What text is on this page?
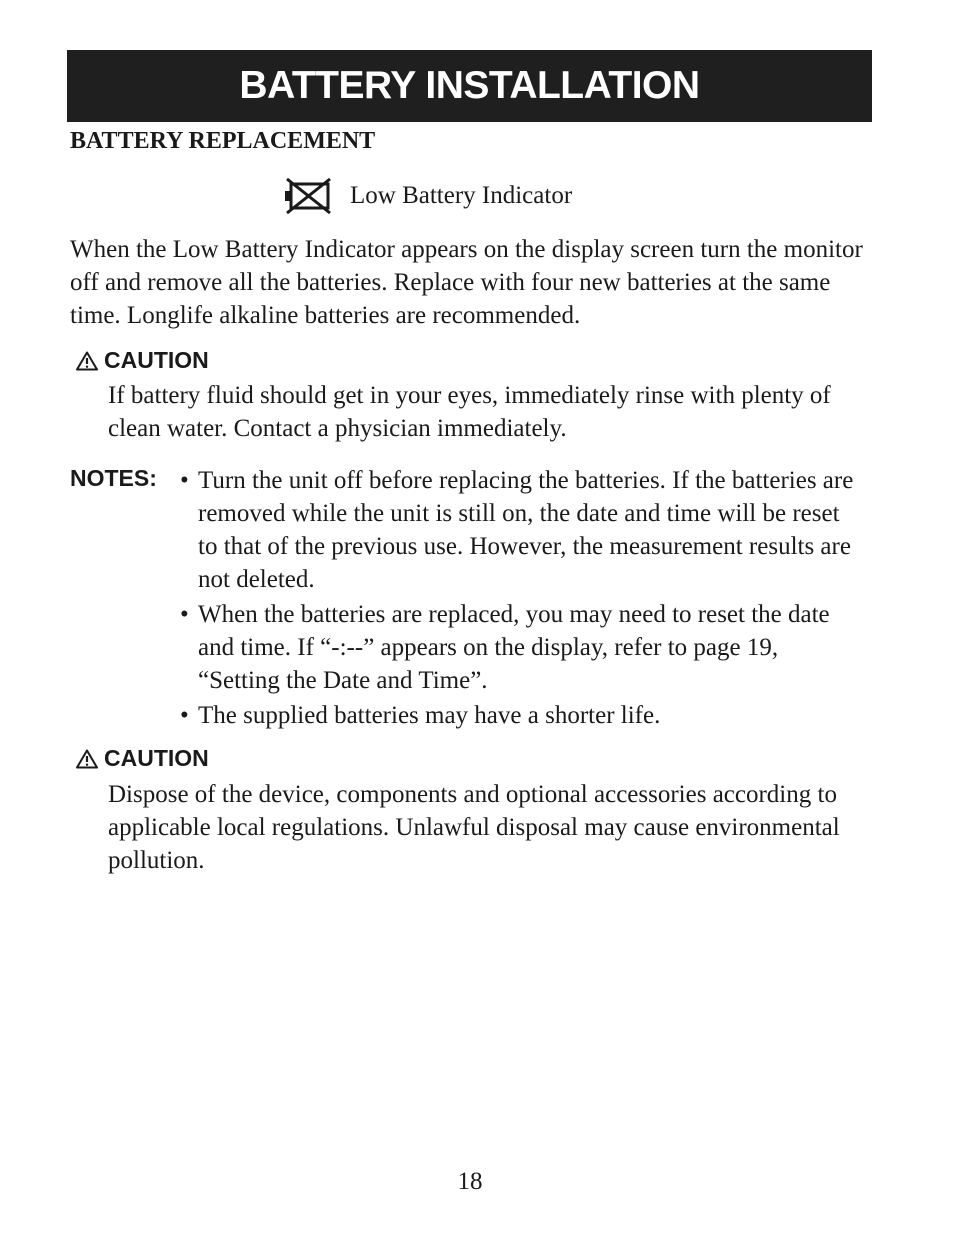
BATTERY INSTALLATION
BATTERY REPLACEMENT
Low Battery Indicator
When the Low Battery Indicator appears on the display screen turn the monitor off and remove all the batteries. Replace with four new batteries at the same time. Longlife alkaline batteries are recommended.
CAUTION
If battery fluid should get in your eyes, immediately rinse with plenty of clean water. Contact a physician immediately.
NOTES: • Turn the unit off before replacing the batteries. If the batteries are removed while the unit is still on, the date and time will be reset to that of the previous use. However, the measurement results are not deleted.
• When the batteries are replaced, you may need to reset the date and time. If “-:--” appears on the display, refer to page 19, “Setting the Date and Time”.
• The supplied batteries may have a shorter life.
CAUTION
Dispose of the device, components and optional accessories according to applicable local regulations. Unlawful disposal may cause environmental pollution.
18
